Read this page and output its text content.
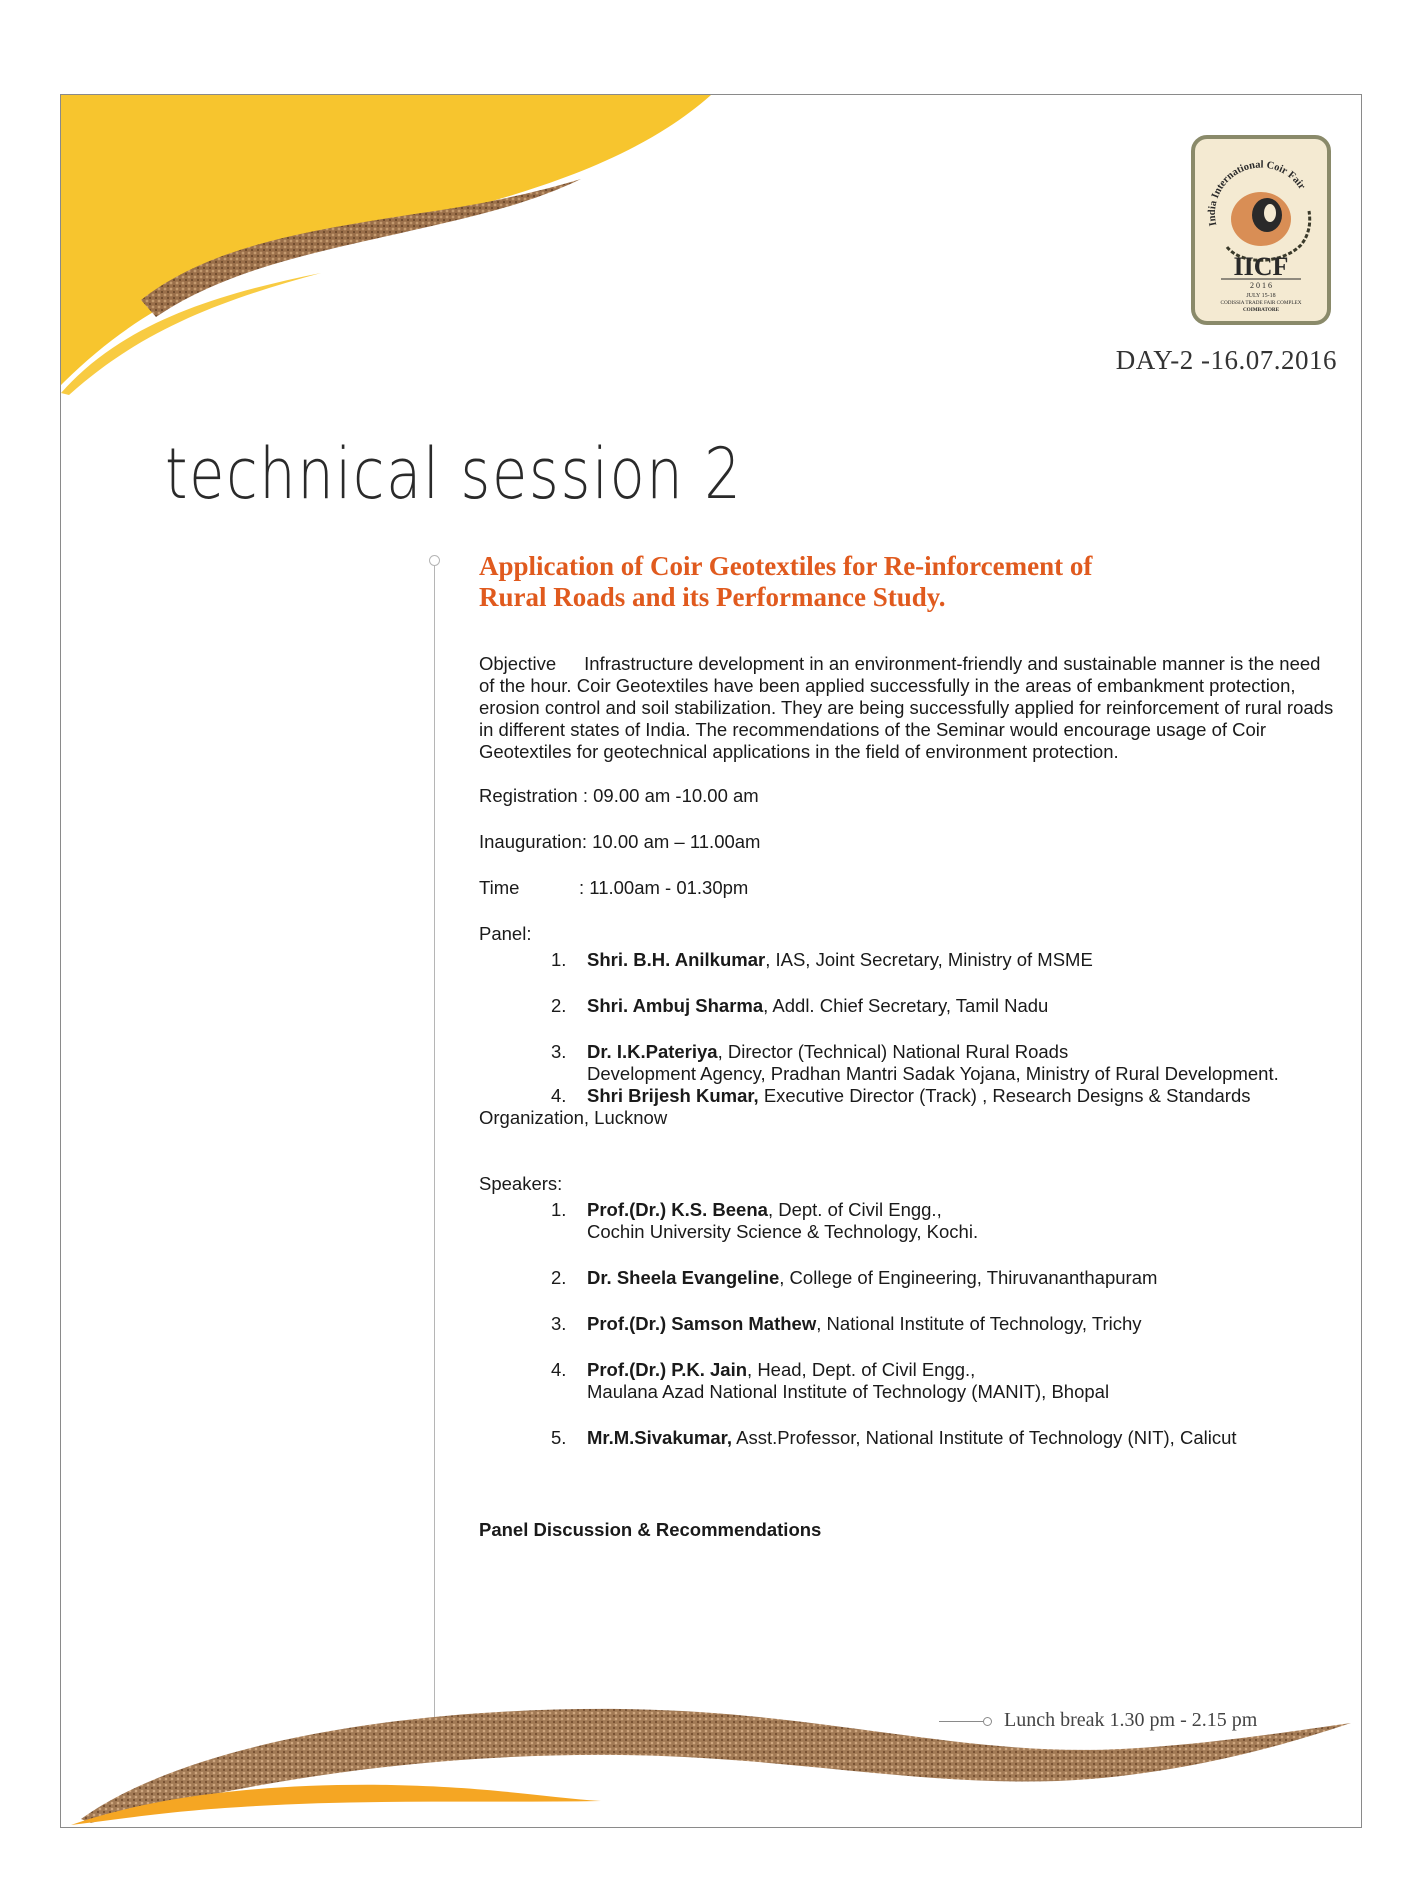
India International Coir Fair
IICF
2 0 1 6
JULY 15-18
CODISSIA TRADE FAIR COMPLEX
COIMBATORE
DAY-2 -16.07.2016
technical session 2
Application of Coir Geotextiles for Re-inforcement of
Rural Roads and its Performance Study.

Objective Infrastructure development in an environment-friendly and sustainable manner is the need of the hour. Coir Geotextiles have been applied successfully in the areas of embankment protection, erosion control and soil stabilization. They are being successfully applied for reinforcement of rural roads in different states of India. The recommendations of the Seminar would encourage usage of Coir Geotextiles for geotechnical applications in the field of environment protection.

Registration : 09.00 am -10.00 am

Inauguration: 10.00 am – 11.00am

Time	: 11.00am - 01.30pm

Panel:

1. Shri. B.H. Anilkumar, IAS, Joint Secretary, Ministry of MSME
2. Shri. Ambuj Sharma, Addl. Chief Secretary, Tamil Nadu
3. Dr. I.K.Pateriya, Director (Technical) National Rural Roads
Development Agency, Pradhan Mantri Sadak Yojana, Ministry of Rural Development.

4. Shri Brijesh Kumar, Executive Director (Track) , Research Designs & Standards
Organization, Lucknow

Speakers:

1. Prof.(Dr.) K.S. Beena, Dept. of Civil Engg.,
Cochin University Science & Technology, Kochi.
2. Dr. Sheela Evangeline, College of Engineering, Thiruvananthapuram
3. Prof.(Dr.) Samson Mathew, National Institute of Technology, Trichy
4. Prof.(Dr.) P.K. Jain, Head, Dept. of Civil Engg.,
Maulana Azad National Institute of Technology (MANIT), Bhopal
5. Mr.M.Sivakumar, Asst.Professor, National Institute of Technology (NIT), Calicut

Panel Discussion & Recommendations

Lunch break 1.30 pm - 2.15 pm
